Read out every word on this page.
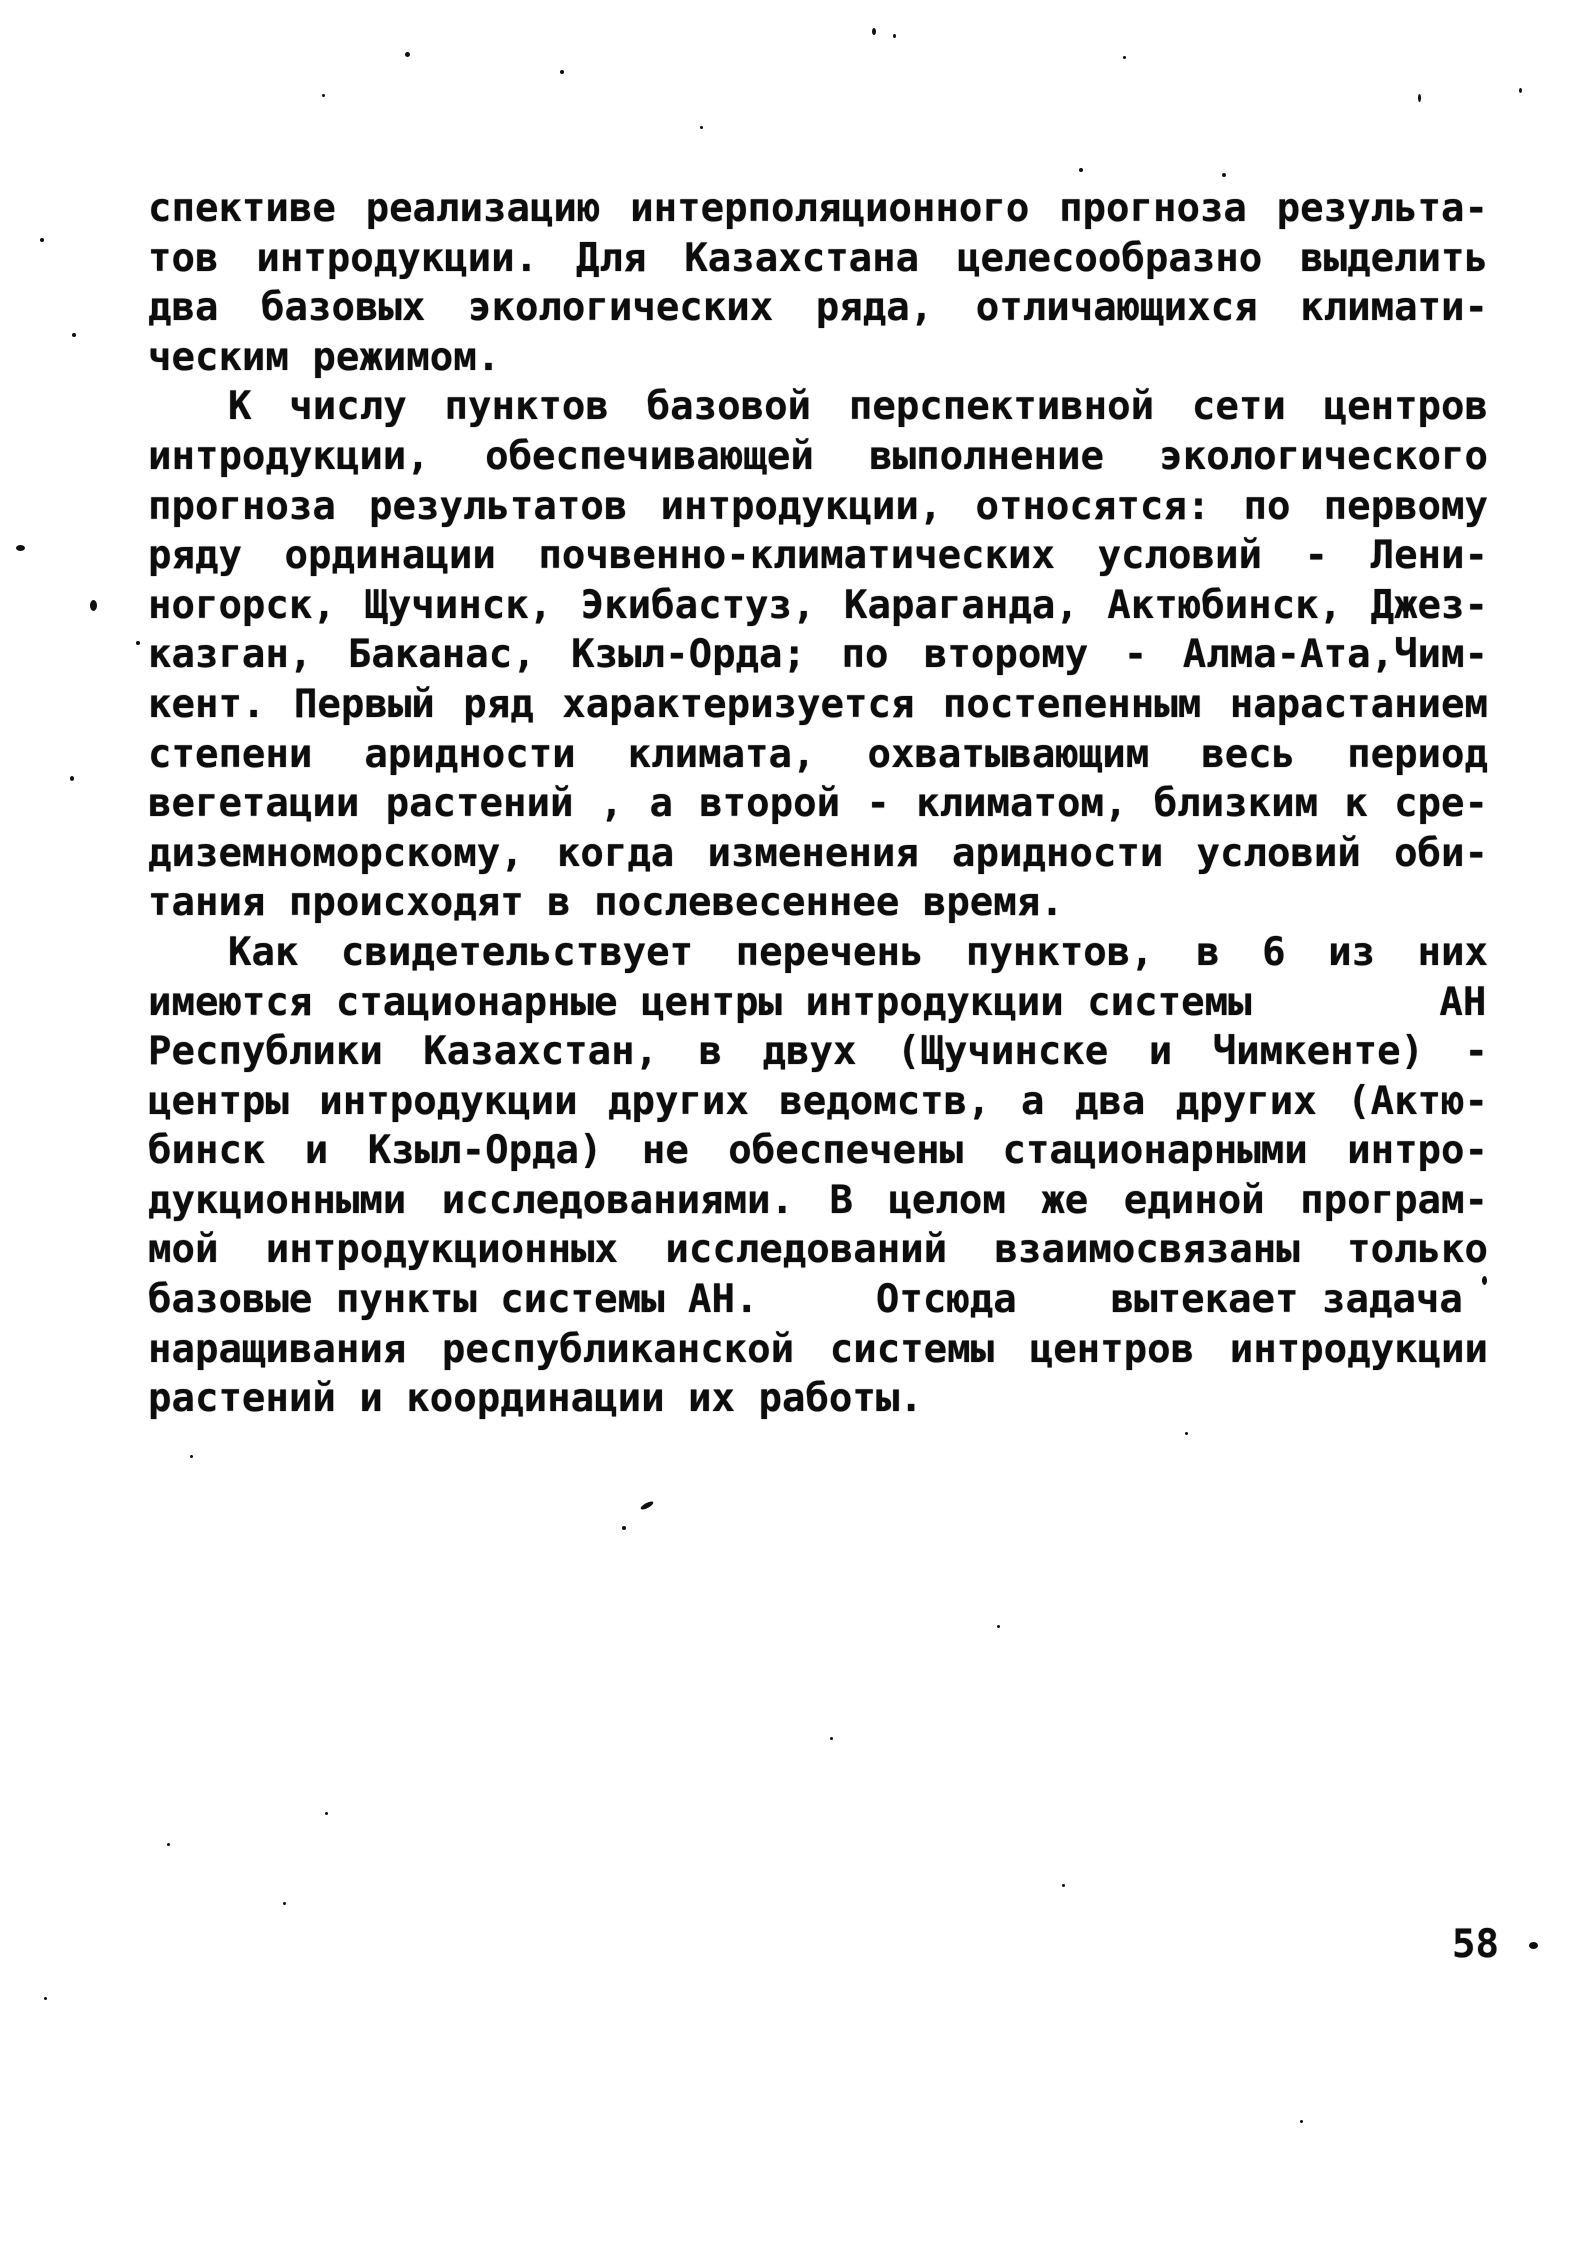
спективе реализацию интерполяционного прогноза результа-
тов интродукции. Для Казахстана целесообразно выделить
два базовых экологических ряда, отличающихся климати-
ческим режимом.
К числу пунктов базовой перспективной сети центров
интродукции, обеспечивающей выполнение экологического
прогноза результатов интродукции, относятся: по первому
ряду ординации почвенно-климатических условий - Лени-
ногорск, Щучинск, Экибастуз, Караганда, Актюбинск, Джез-
казган, Баканас, Кзыл-Орда; по второму - Алма-Ата,Чим-
кент. Первый ряд характеризуется постепенным нарастанием
степени аридности климата, охватывающим весь период
вегетации растений , а второй - климатом, близким к сре-
диземноморскому, когда изменения аридности условий оби-
тания происходят в послевесеннее время.
Как свидетельствует перечень пунктов, в 6 из них
имеются стационарные центры интродукции системы        АН
Республики Казахстан, в двух (Щучинске и Чимкенте) -
центры интродукции других ведомств, а два других (Актю-
бинск и Кзыл-Орда) не обеспечены стационарными интро-
дукционными исследованиями. В целом же единой програм-
мой интродукционных исследований взаимосвязаны только
базовые пункты системы АН.     Отсюда    вытекает задача
наращивания республиканской системы центров интродукции
растений и координации их работы.
58
